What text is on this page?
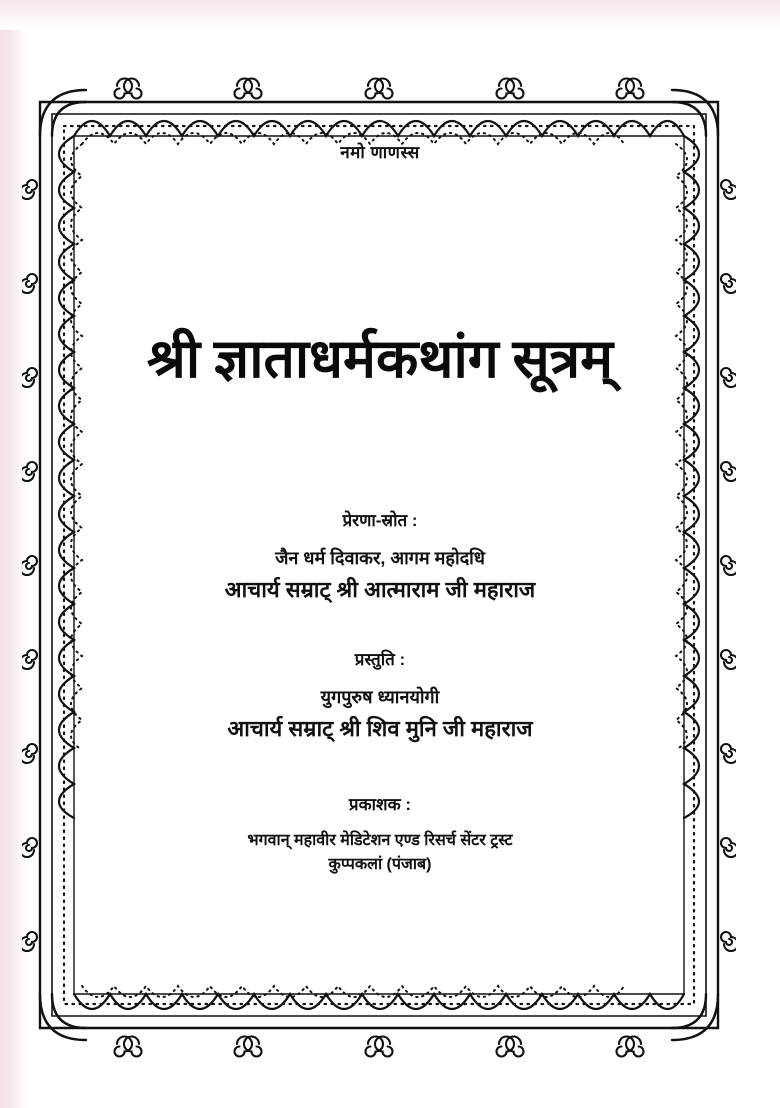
नमो णाणस्स
श्री ज्ञाताधर्मकथांग सूत्रम्
प्रेरणा-स्रोत :
जैन धर्म दिवाकर, आगम महोदधि
आचार्य सम्राट् श्री आत्माराम जी महाराज
प्रस्तुति :
युगपुरुष ध्यानयोगी
आचार्य सम्राट् श्री शिव मुनि जी महाराज
प्रकाशक :
भगवान् महावीर मेडिटेशन एण्ड रिसर्च सेंटर ट्रस्ट
कुप्पकलां (पंजाब)
